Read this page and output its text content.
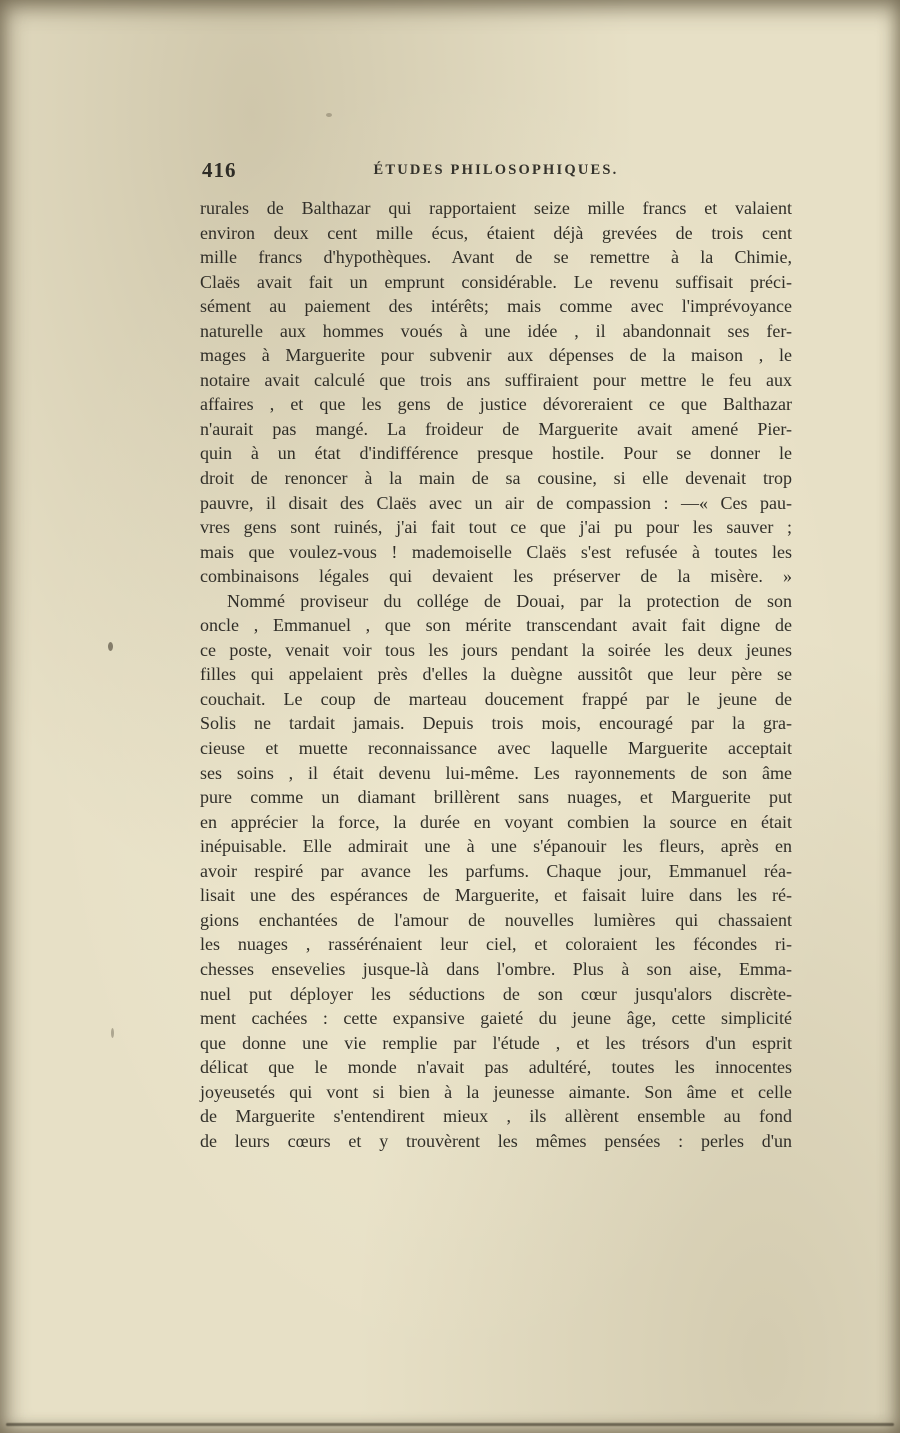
416	ÉTUDES PHILOSOPHIQUES.
rurales de Balthazar qui rapportaient seize mille francs et valaient
environ deux cent mille écus, étaient déjà grevées de trois cent
mille francs d'hypothèques. Avant de se remettre à la Chimie,
Claës avait fait un emprunt considérable. Le revenu suffisait préci-
sément au paiement des intérêts; mais comme avec l'imprévoyance
naturelle aux hommes voués à une idée , il abandonnait ses fer-
mages à Marguerite pour subvenir aux dépenses de la maison , le
notaire avait calculé que trois ans suffiraient pour mettre le feu aux
affaires , et que les gens de justice dévoreraient ce que Balthazar
n'aurait pas mangé. La froideur de Marguerite avait amené Pier-
quin à un état d'indifférence presque hostile. Pour se donner le
droit de renoncer à la main de sa cousine, si elle devenait trop
pauvre, il disait des Claës avec un air de compassion : —« Ces pau-
vres gens sont ruinés, j'ai fait tout ce que j'ai pu pour les sauver ;
mais que voulez-vous ! mademoiselle Claës s'est refusée à toutes les
combinaisons légales qui devaient les préserver de la misère. »
Nommé proviseur du collége de Douai, par la protection de son
oncle , Emmanuel , que son mérite transcendant avait fait digne de
ce poste, venait voir tous les jours pendant la soirée les deux jeunes
filles qui appelaient près d'elles la duègne aussitôt que leur père se
couchait. Le coup de marteau doucement frappé par le jeune de
Solis ne tardait jamais. Depuis trois mois, encouragé par la gra-
cieuse et muette reconnaissance avec laquelle Marguerite acceptait
ses soins , il était devenu lui-même. Les rayonnements de son âme
pure comme un diamant brillèrent sans nuages, et Marguerite put
en apprécier la force, la durée en voyant combien la source en était
inépuisable. Elle admirait une à une s'épanouir les fleurs, après en
avoir respiré par avance les parfums. Chaque jour, Emmanuel réa-
lisait une des espérances de Marguerite, et faisait luire dans les ré-
gions enchantées de l'amour de nouvelles lumières qui chassaient
les nuages , rassérénaient leur ciel, et coloraient les fécondes ri-
chesses ensevelies jusque-là dans l'ombre. Plus à son aise, Emma-
nuel put déployer les séductions de son cœur jusqu'alors discrète-
ment cachées : cette expansive gaieté du jeune âge, cette simplicité
que donne une vie remplie par l'étude , et les trésors d'un esprit
délicat que le monde n'avait pas adultéré, toutes les innocentes
joyeusetés qui vont si bien à la jeunesse aimante. Son âme et celle
de Marguerite s'entendirent mieux , ils allèrent ensemble au fond
de leurs cœurs et y trouvèrent les mêmes pensées : perles d'un
